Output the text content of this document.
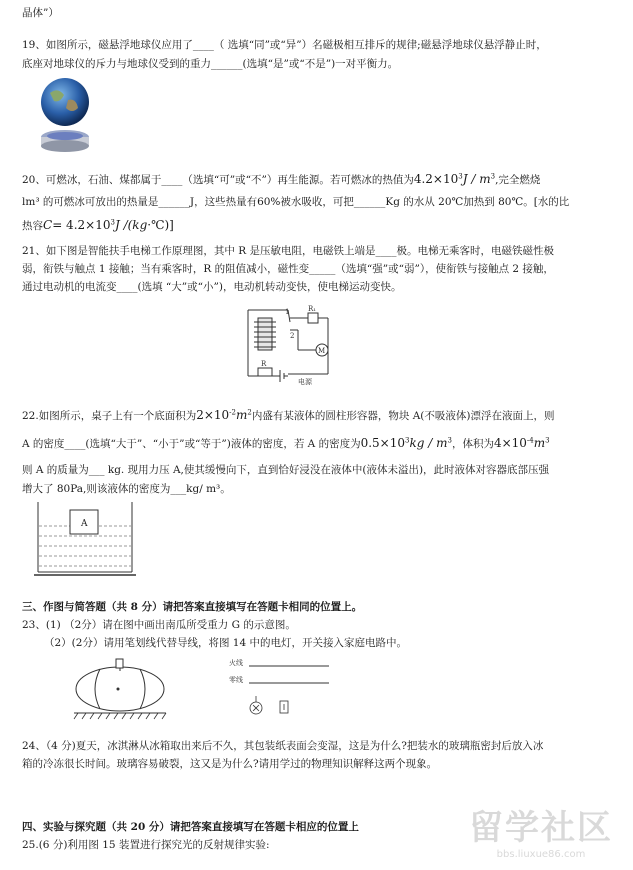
晶体”）
19、如图所示，磁悬浮地球仪应用了____（ 选填“同”或“异”）名磁极相互排斥的规律;磁悬浮地球仪悬浮静止时，
底座对地球仪的斥力与地球仪受到的重力______(选填“是”或“不是”)一对平衡力。
20、可燃冰，石油、煤都属于____（选填“可”或“不”）再生能源。若可燃冰的热值为$4.2\times 10^3J / m^3$,完全燃烧
lm³ 的可燃冰可放出的热量是______J，这些热量有60%被水吸收，可把______Kg 的水从 20℃加热到 80℃。[水的比
热容$C= 4.2\times 10^3J$ /(kg·℃)]
21、如下图是智能扶手电梯工作原理图，其中 R 是压敏电阻，电磁铁上端是____极。电梯无乘客时，电磁铁磁性极
弱，衔铁与触点 1 接触；当有乘客时，R 的阻值减小，磁性变_____（选填“强”或“弱”），使衔铁与接触点 2 接触，
通过电动机的电流变____(选填 “大”或“小”)，电动机转动变快，使电梯运动变快。
1
2
R₁
M
R
电源
22.如图所示，桌子上有一个底面积为$2\times 10^{-2}m^2$内盛有某液体的圆柱形容器，物块 A(不吸液体)漂浮在液面上，则
A 的密度____(选填“大于”、“小于”或“等于”)液体的密度，若 A 的密度为$0.5\times 10^3kg / m^3$，体积为$4\times 10^{-4}m^3$
则 A 的质量为___ kg. 现用力压 A,使其缓慢向下，直到恰好浸没在液体中(液体未溢出)，此时液体对容器底部压强
增大了 80Pa,则该液体的密度为___kg/ m³。
A
三、作图与简答题（共 8 分）请把答案直接填写在答题卡相同的位置上。
23、(1) （2分）请在图中画出南瓜所受重力 G 的示意图。
（2）(2分）请用笔划线代替导线，将图 14 中的电灯，开关接入家庭电路中。
火线
零线
24、（4 分)夏天，冰淇淋从冰箱取出来后不久，其包装纸表面会变湿，这是为什么?把装水的玻璃瓶密封后放入冰
箱的冷冻很长时间。玻璃容易破裂，这又是为什么?请用学过的物理知识解释这两个现象。
四、实验与探究题（共 20 分）请把答案直接填写在答题卡相应的位置上
25.(6 分)利用图 15 装置进行探究光的反射规律实验:	留学社区
bbs.liuxue86.com
